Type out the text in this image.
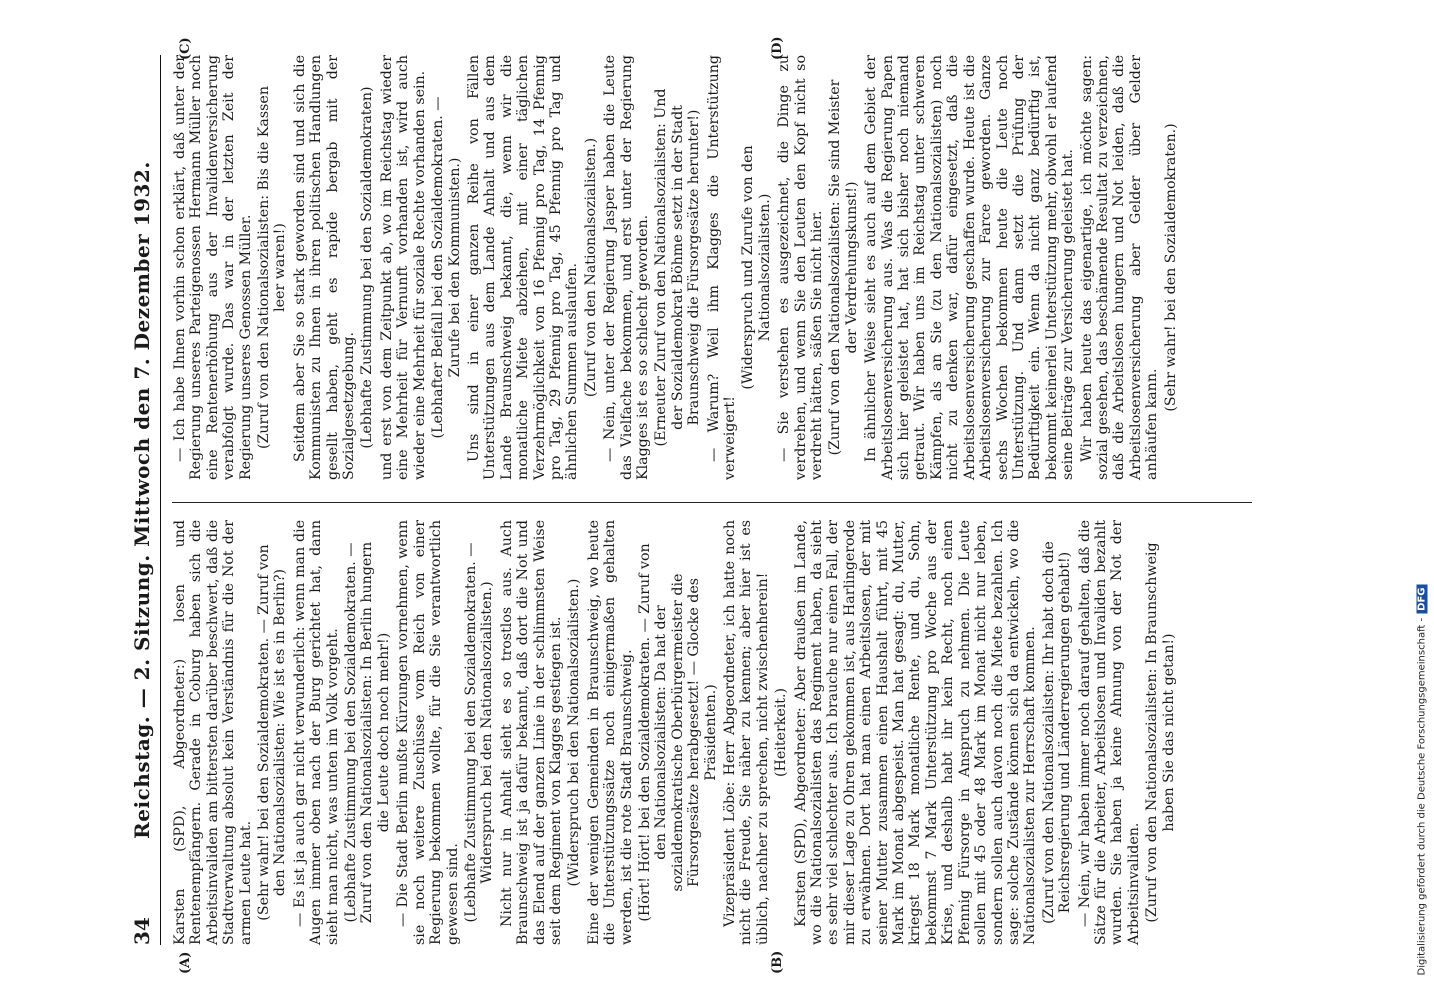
34
Reichstag. — 2. Sitzung. Mittwoch den 7. Dezember 1932.
(A)	(B)
(C)	(D)

Karsten (SPD), Abgeordneter:) losen und Rentenempfängern. Gerade in Coburg haben sich die Arbeitsinvaliden am bittersten darüber beschwert, daß die Stadtverwaltung absolut kein Verständnis für die Not der armen Leute hat. (Sehr wahr! bei den Sozialdemokraten. — Zuruf von den Nationalsozialisten: Wie ist es in Berlin?) — Es ist ja auch gar nicht verwunderlich: wenn man die Augen immer oben nach der Burg gerichtet hat, dann sieht man nicht, was unten im Volk vorgeht. (Lebhafte Zustimmung bei den Sozialdemokraten. — Zuruf von den Nationalsozialisten: In Berlin hungern die Leute doch noch mehr!) — Die Stadt Berlin mußte Kürzungen vornehmen, wenn sie noch weitere Zuschüsse vom Reich von einer Regierung bekommen wollte, für die Sie verantwortlich gewesen sind. (Lebhafte Zustimmung bei den Sozialdemokraten. — Widerspruch bei den Nationalsozialisten.) Nicht nur in Anhalt sieht es so trostlos aus. Auch Braunschweig ist ja dafür bekannt, daß dort die Not und das Elend auf der ganzen Linie in der schlimmsten Weise seit dem Regiment von Klagges gestiegen ist. (Widerspruch bei den Nationalsozialisten.) Eine der wenigen Gemeinden in Braunschweig, wo heute die Unterstützungssätze noch einigermaßen gehalten werden, ist die rote Stadt Braunschweig. (Hört! Hört! bei den Sozialdemokraten. — Zuruf von den Nationalsozialisten: Da hat der sozialdemokratische Oberbürgermeister die Fürsorgesätze herabgesetzt! — Glocke des Präsidenten.) Vizepräsident Löbe: Herr Abgeordneter, ich hatte noch nicht die Freude, Sie näher zu kennen; aber hier ist es üblich, nachher zu sprechen, nicht zwischenherein! (Heiterkeit.) Karsten (SPD), Abgeordneter: Aber draußen im Lande, wo die Nationalsozialisten das Regiment haben, da sieht es sehr viel schlechter aus. Ich brauche nur einen Fall, der mir dieser Lage zu Ohren gekommen ist, aus Harlingerode zu erwähnen. Dort hat man einen Arbeitslosen, der mit seiner Mutter zusammen einen Haushalt führt, mit 45 Mark im Monat abgespeist. Man hat gesagt: du, Mutter, kriegst 18 Mark monatliche Rente, und du, Sohn, bekommst 7 Mark Unterstützung pro Woche aus der Krise, und deshalb habt ihr kein Recht, noch einen Pfennig Fürsorge in Anspruch zu nehmen. Die Leute sollen mit 45 oder 48 Mark im Monat nicht nur leben, sondern sollen auch davon noch die Miete bezahlen. Ich sage: solche Zustände können sich da entwickeln, wo die Nationalsozialisten zur Herrschaft kommen. (Zuruf von den Nationalsozialisten: Ihr habt doch die Reichsregierung und Länderregierungen gehabt!) — Nein, wir haben immer noch darauf gehalten, daß die Sätze für die Arbeiter, Arbeitslosen und Invaliden bezahlt wurden. Sie haben ja keine Ahnung von der Not der Arbeitsinvaliden. (Zuruf von den Nationalsozialisten: In Braunschweig haben Sie das nicht getan!)

— Ich habe Ihnen vorhin schon erklärt, daß unter der Regierung unseres Parteigenossen Hermann Müller noch eine Rentenerhöhung aus der Invalidenversicherung verabfolgt wurde. Das war in der letzten Zeit der Regierung unseres Genossen Müller. (Zuruf von den Nationalsozialisten: Bis die Kassen leer waren!) Seitdem aber Sie so stark geworden sind und sich die Kommunisten zu Ihnen in ihren politischen Handlungen gesellt haben, geht es rapide bergab mit der Sozialgesetzgebung. (Lebhafte Zustimmung bei den Sozialdemokraten) und erst von dem Zeitpunkt ab, wo im Reichstag wieder eine Mehrheit für Vernunft vorhanden ist, wird auch wieder eine Mehrheit für soziale Rechte vorhanden sein. (Lebhafter Beifall bei den Sozialdemokraten. — Zurufe bei den Kommunisten.) Uns sind in einer ganzen Reihe von Fällen Unterstützungen aus dem Lande Anhalt und aus dem Lande Braunschweig bekannt, die, wenn wir die monatliche Miete abziehen, mit einer täglichen Verzehrmöglichkeit von 16 Pfennig pro Tag, 14 Pfennig pro Tag, 29 Pfennig pro Tag, 45 Pfennig pro Tag und ähnlichen Summen auslaufen. (Zuruf von den Nationalsozialisten.) — Nein, unter der Regierung Jasper haben die Leute das Vielfache bekommen, und erst unter der Regierung Klagges ist es so schlecht geworden. (Erneuter Zuruf von den Nationalsozialisten: Und der Sozialdemokrat Böhme setzt in der Stadt Braunschweig die Fürsorgesätze herunter!) — Warum? Weil ihm Klagges die Unterstützung verweigert!

(Widerspruch und Zurufe von den Nationalsozialisten.) — Sie verstehen es ausgezeichnet, die Dinge zu verdrehen, und wenn Sie den Leuten den Kopf nicht so verdreht hätten, säßen Sie nicht hier. (Zuruf von den Nationalsozialisten: Sie sind Meister der Verdrehungskunst!) In ähnlicher Weise sieht es auch auf dem Gebiet der Arbeitslosenversicherung aus. Was die Regierung Papen sich hier geleistet hat, hat sich bisher noch niemand getraut. Wir haben uns im Reichstag unter schweren Kämpfen, als an Sie (zu den Nationalsozialisten) noch nicht zu denken war, dafür eingesetzt, daß die Arbeitslosenversicherung geschaffen wurde. Heute ist die Arbeitslosenversicherung zur Farce geworden. Ganze sechs Wochen bekommen heute die Leute noch Unterstützung. Und dann setzt die Prüfung der Bedürftigkeit ein. Wenn da nicht ganz bedürftig ist, bekommt keinerlei Unterstützung mehr, obwohl er laufend seine Beiträge zur Versicherung geleistet hat. Wir haben heute das eigenartige, ich möchte sagen: sozial gesehen, das beschämende Resultat zu verzeichnen, daß die Arbeitslosen hungern und Not leiden, daß die Arbeitslosenversicherung aber Gelder über Gelder anhäufen kann.

(Sehr wahr! bei den Sozialdemokraten.)

Digitalisierung gefördert durch die Deutsche Forschungsgemeinschaft -DFG
